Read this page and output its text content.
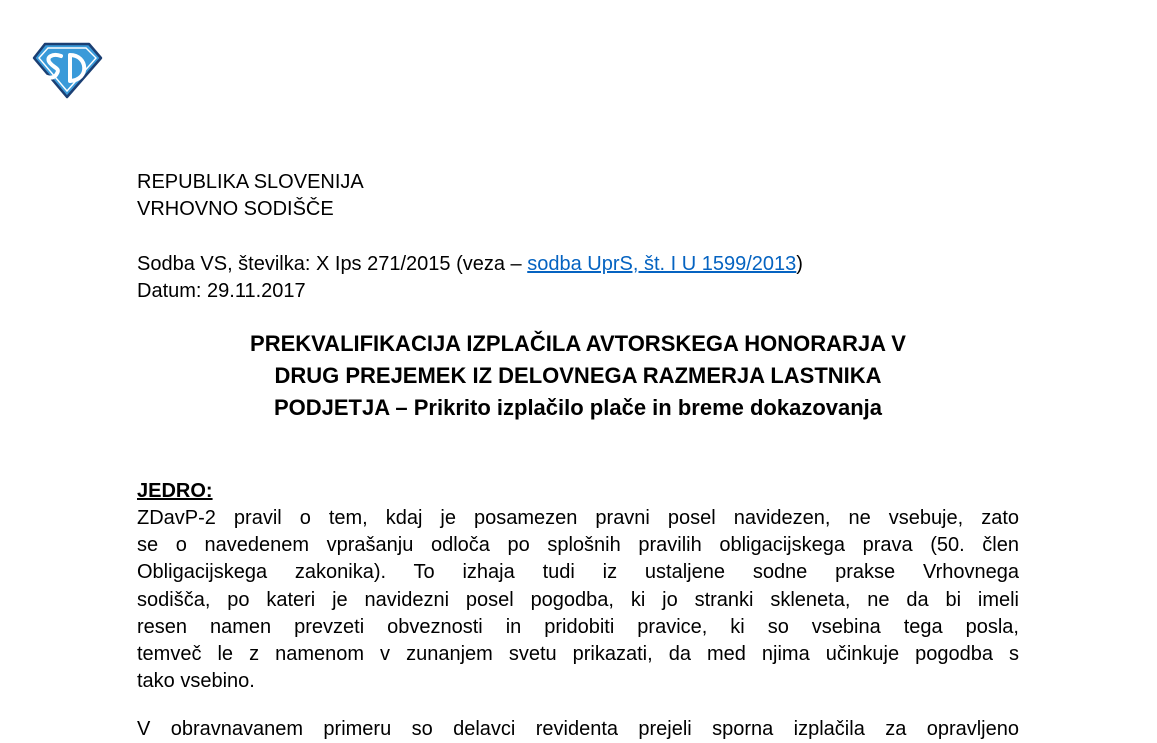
REPUBLIKA SLOVENIJA
VRHOVNO SODIŠČE
Sodba VS, številka: X Ips 271/2015 (veza – sodba UprS, št. I U 1599/2013)
Datum: 29.11.2017
PREKVALIFIKACIJA IZPLAČILA AVTORSKEGA HONORARJA V
DRUG PREJEMEK IZ DELOVNEGA RAZMERJA LASTNIKA
PODJETJA – Prikrito izplačilo plače in breme dokazovanja
JEDRO:
ZDavP-2 pravil o tem, kdaj je posamezen pravni posel navidezen, ne vsebuje, zato
se o navedenem vprašanju odloča po splošnih pravilih obligacijskega prava (50. člen
Obligacijskega zakonika). To izhaja tudi iz ustaljene sodne prakse Vrhovnega
sodišča, po kateri je navidezni posel pogodba, ki jo stranki skleneta, ne da bi imeli
resen namen prevzeti obveznosti in pridobiti pravice, ki so vsebina tega posla,
temveč le z namenom v zunanjem svetu prikazati, da med njima učinkuje pogodba s
tako vsebino.
V obravnavanem primeru so delavci revidenta prejeli sporna izplačila za opravljeno
